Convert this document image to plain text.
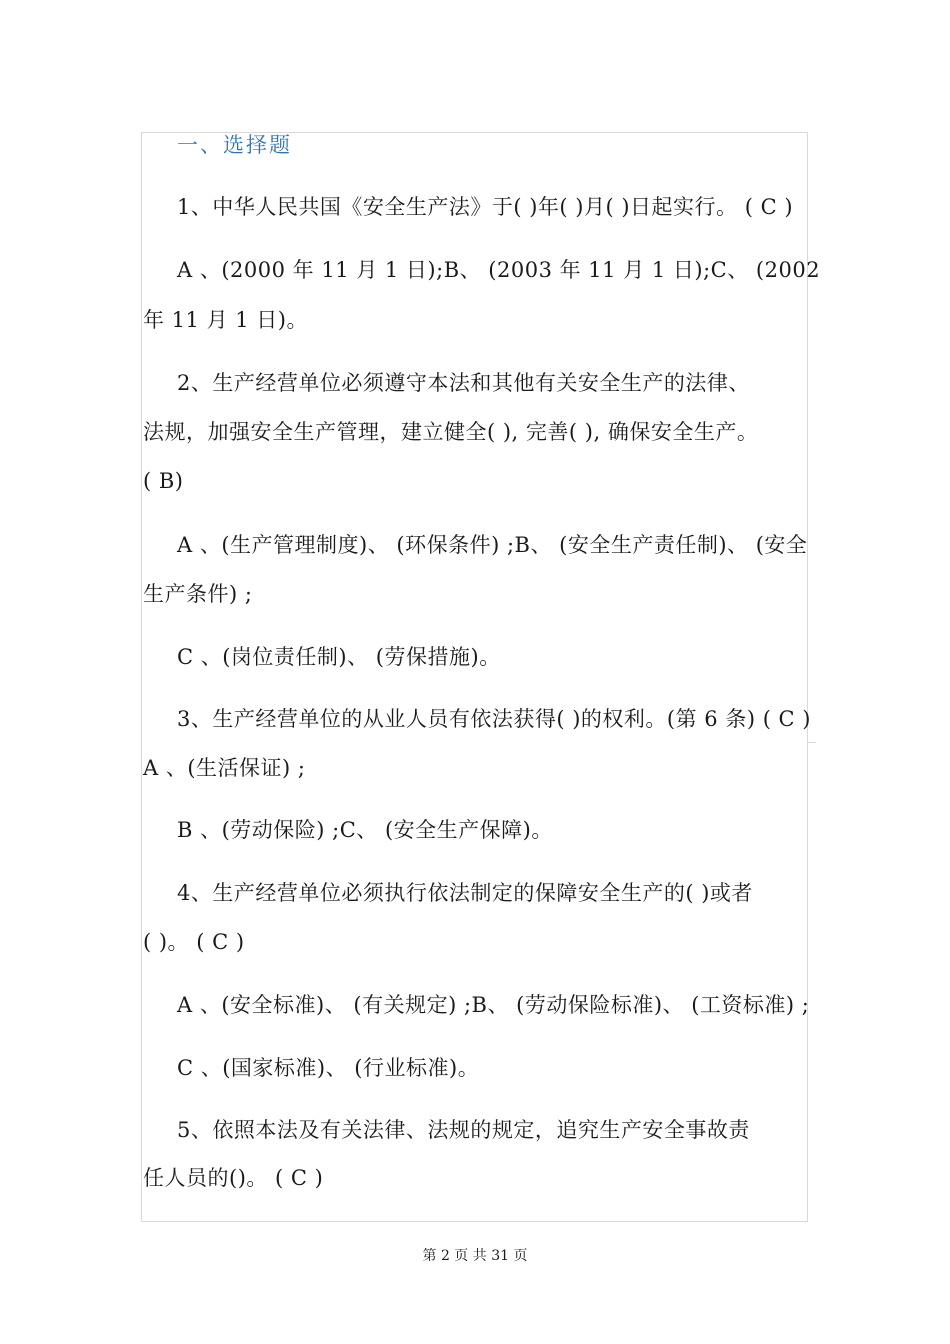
一、选择题
1、中华人民共国《安全生产法》于( )年( )月( )日起实行。 ( C )
A 、(2000 年 11 月 1 日);B、 (2003 年 11 月 1 日);C、 (2002
年 11 月 1 日)。
2、生产经营单位必须遵守本法和其他有关安全生产的法律、
法规，加强安全生产管理，建立健全( ), 完善( ), 确保安全生产。
( B)
A 、(生产管理制度)、 (环保条件) ;B、 (安全生产责任制)、 (安全
生产条件) ;
C 、(岗位责任制)、 (劳保措施)。
3、生产经营单位的从业人员有依法获得( )的权利。(第 6 条) ( C )
A 、(生活保证) ;
B 、(劳动保险) ;C、 (安全生产保障)。
4、生产经营单位必须执行依法制定的保障安全生产的( )或者
( )。 ( C )
A 、(安全标准)、 (有关规定) ;B、 (劳动保险标准)、 (工资标准) ;
C 、(国家标准)、 (行业标准)。
5、依照本法及有关法律、法规的规定，追究生产安全事故责
任人员的()。 ( C )
第 2 页 共 31 页
